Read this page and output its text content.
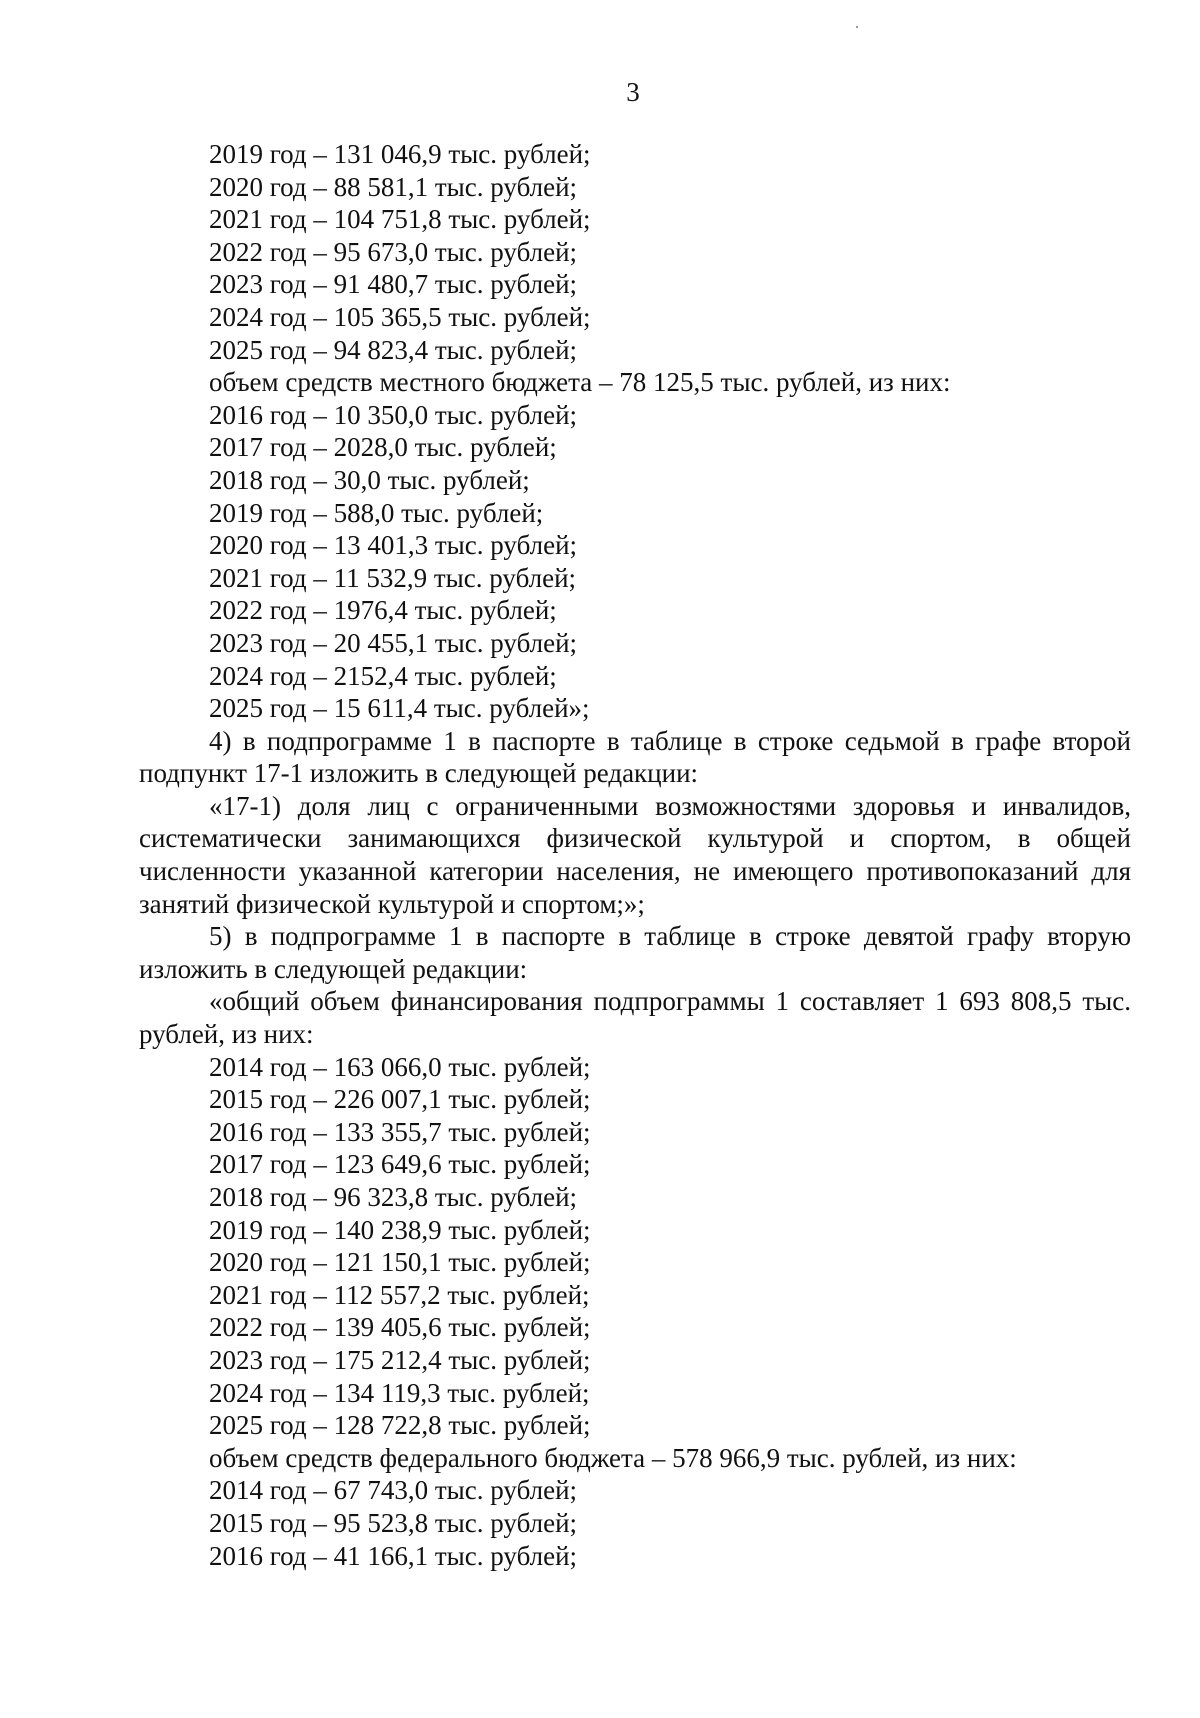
3
2019 год – 131 046,9 тыс. рублей;
2020 год – 88 581,1 тыс. рублей;
2021 год – 104 751,8 тыс. рублей;
2022 год – 95 673,0 тыс. рублей;
2023 год – 91 480,7 тыс. рублей;
2024 год – 105 365,5 тыс. рублей;
2025 год – 94 823,4 тыс. рублей;
объем средств местного бюджета – 78 125,5 тыс. рублей, из них:
2016 год – 10 350,0 тыс. рублей;
2017 год – 2028,0 тыс. рублей;
2018 год – 30,0 тыс. рублей;
2019 год – 588,0 тыс. рублей;
2020 год – 13 401,3 тыс. рублей;
2021 год – 11 532,9 тыс. рублей;
2022 год – 1976,4 тыс. рублей;
2023 год – 20 455,1 тыс. рублей;
2024 год – 2152,4 тыс. рублей;
2025 год – 15 611,4 тыс. рублей»;
4) в подпрограмме 1 в паспорте в таблице в строке седьмой в графе второй подпункт 17-1 изложить в следующей редакции:
«17-1) доля лиц с ограниченными возможностями здоровья и инвалидов, систематически занимающихся физической культурой и спортом, в общей численности указанной категории населения, не имеющего противопоказаний для занятий физической культурой и спортом;»;
5) в подпрограмме 1 в паспорте в таблице в строке девятой графу вторую изложить в следующей редакции:
«общий объем финансирования подпрограммы 1 составляет 1 693 808,5 тыс. рублей, из них:
2014 год – 163 066,0 тыс. рублей;
2015 год – 226 007,1 тыс. рублей;
2016 год – 133 355,7 тыс. рублей;
2017 год – 123 649,6 тыс. рублей;
2018 год – 96 323,8 тыс. рублей;
2019 год – 140 238,9 тыс. рублей;
2020 год – 121 150,1 тыс. рублей;
2021 год – 112 557,2 тыс. рублей;
2022 год – 139 405,6 тыс. рублей;
2023 год – 175 212,4 тыс. рублей;
2024 год – 134 119,3 тыс. рублей;
2025 год – 128 722,8 тыс. рублей;
объем средств федерального бюджета – 578 966,9 тыс. рублей, из них:
2014 год – 67 743,0 тыс. рублей;
2015 год – 95 523,8 тыс. рублей;
2016 год – 41 166,1 тыс. рублей;
